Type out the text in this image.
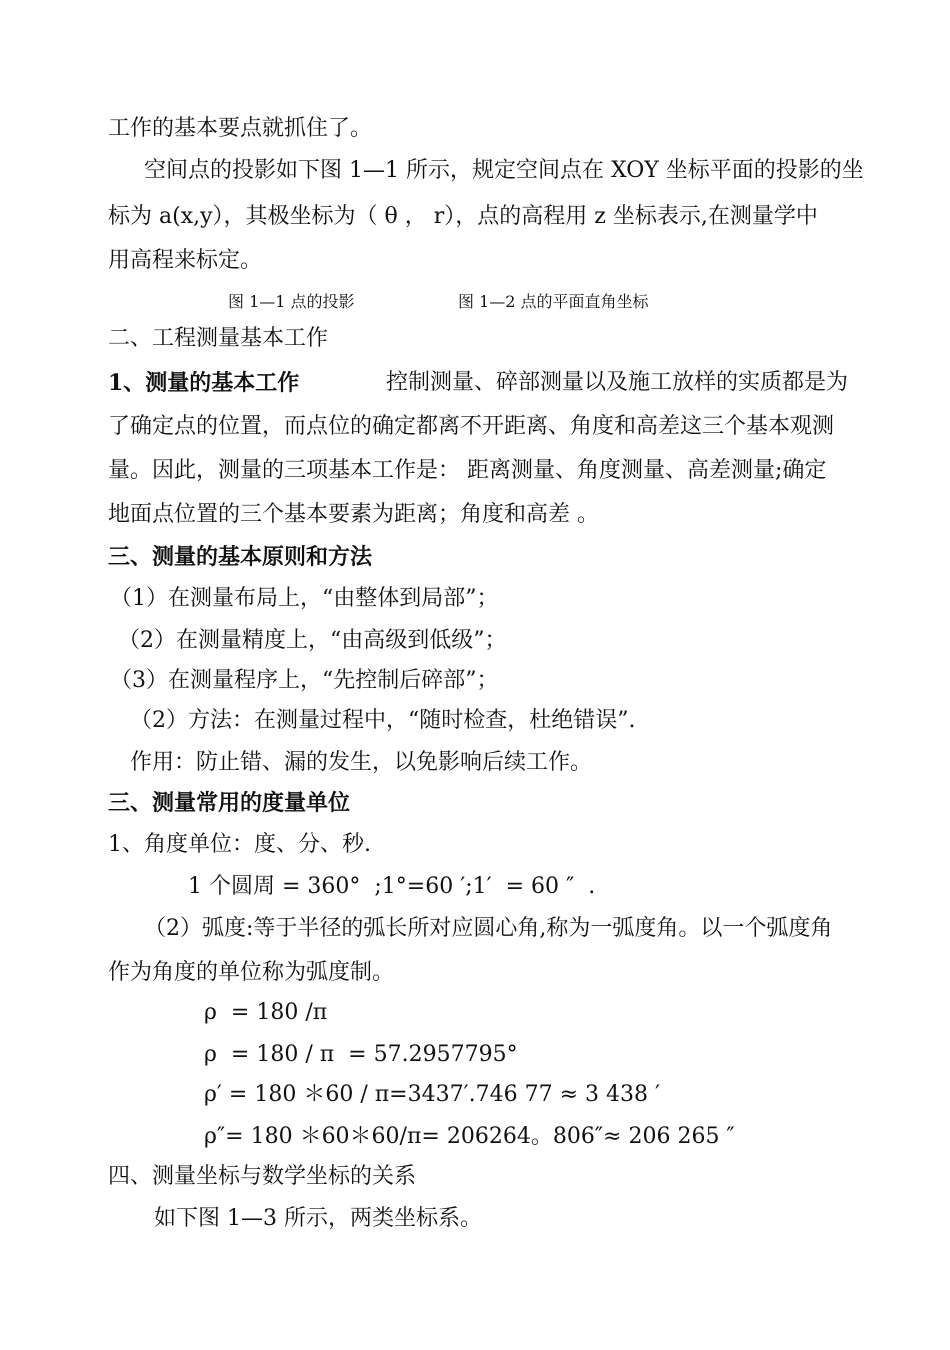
工作的基本要点就抓住了。
空间点的投影如下图 1—1 所示，规定空间点在 XOY 坐标平面的投影的坐
标为 a(x,y），其极坐标为（ θ ， r），点的高程用 z 坐标表示,在测量学中
用高程来标定。
图 1—1 点的投影	图 1—2 点的平面直角坐标
二、工程测量基本工作
1、测量的基本工作	控制测量、碎部测量以及施工放样的实质都是为
了确定点的位置，而点位的确定都离不开距离、角度和高差这三个基本观测
量。因此，测量的三项基本工作是： 距离测量、角度测量、高差测量;确定
地面点位置的三个基本要素为距离；角度和高差 。
三、测量的基本原则和方法
（1）在测量布局上，“由整体到局部”；
（2）在测量精度上，“由高级到低级”；
（3）在测量程序上，“先控制后碎部”；
（2）方法：在测量过程中，“随时检查，杜绝错误”.
作用：防止错、漏的发生，以免影响后续工作。
三、测量常用的度量单位
1、角度单位：度、分、秒.
1 个圆周 = 360°  ;1°=60 ′;1′  = 60 ″  .
（2）弧度:等于半径的弧长所对应圆心角,称为一弧度角。以一个弧度角
作为角度的单位称为弧度制。
ρ  = 180 /π
ρ  = 180 / π  = 57.2957795°
ρ′ = 180 ＊60 / π=3437′.746 77 ≈ 3 438 ′
ρ″= 180 ＊60＊60/π= 206264。806″≈ 206 265 ″
四、测量坐标与数学坐标的关系
如下图 1—3 所示，两类坐标系。
